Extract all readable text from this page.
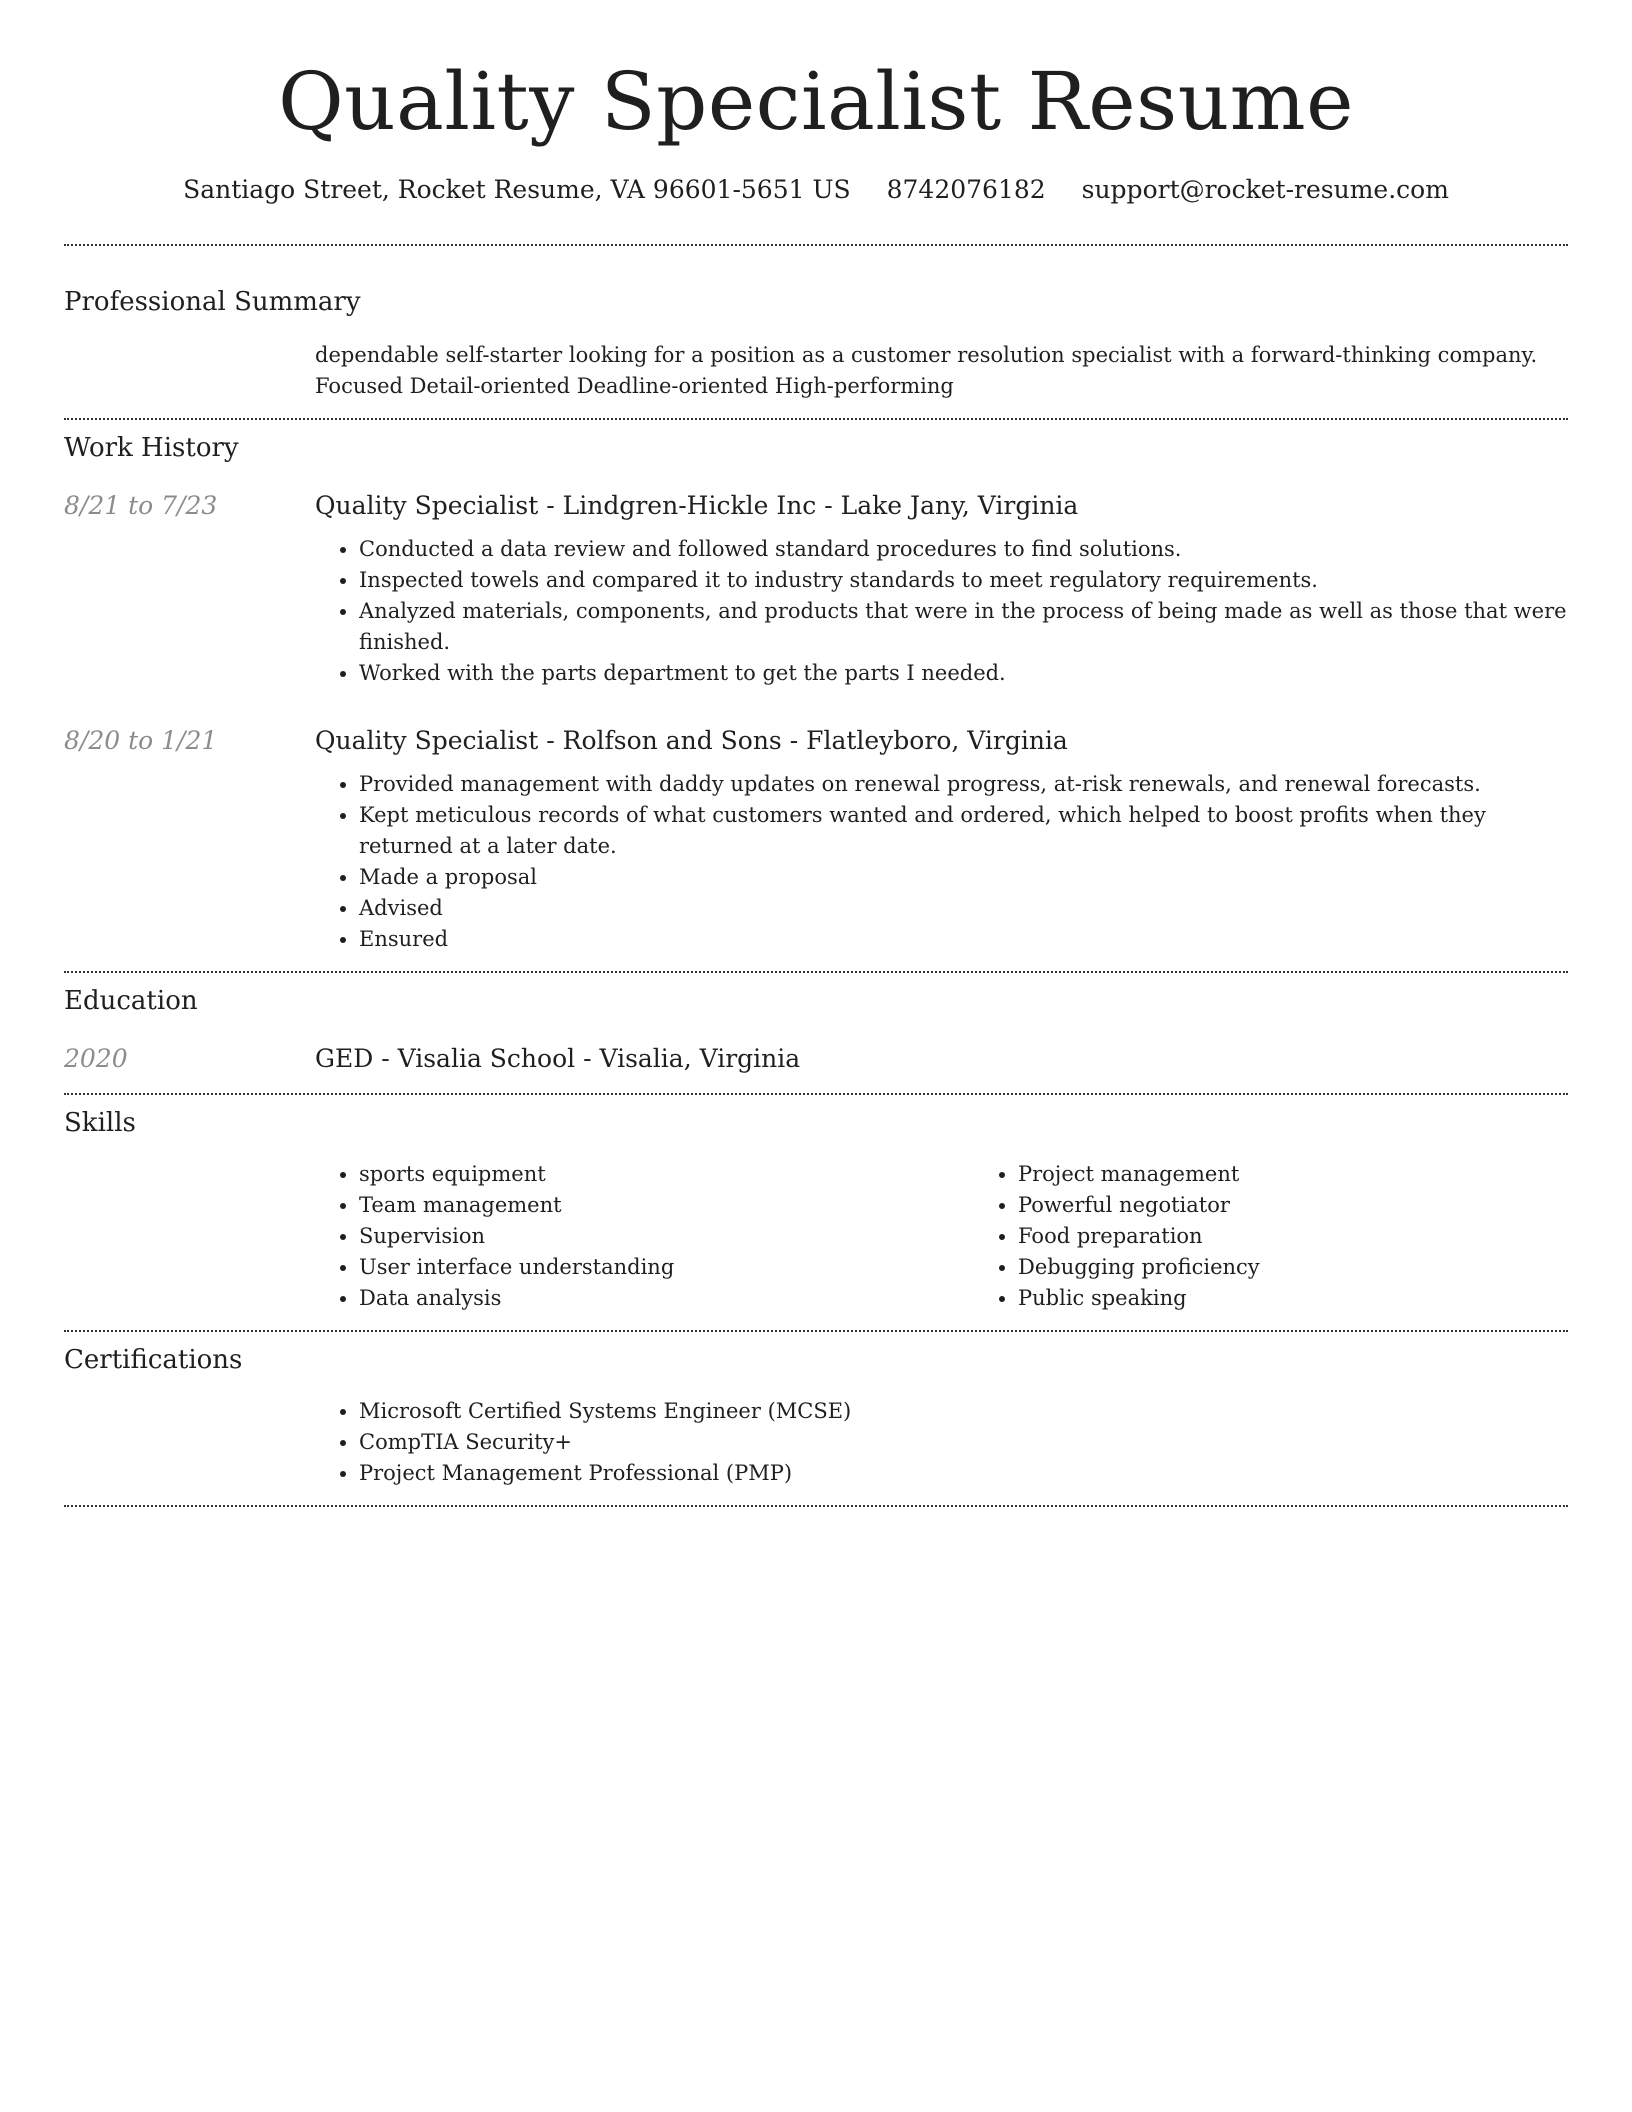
Quality Specialist Resume
Santiago Street, Rocket Resume, VA 96601-5651 US 8742076182 support@rocket-resume.com
Professional Summary
dependable self-starter looking for a position as a customer resolution specialist with a forward-thinking company.
Focused Detail-oriented Deadline-oriented High-performing
Work History
8/21 to 7/23	Quality Specialist - Lindgren-Hickle Inc - Lake Jany, Virginia
• Conducted a data review and followed standard procedures to find solutions.
• Inspected towels and compared it to industry standards to meet regulatory requirements.
• Analyzed materials, components, and products that were in the process of being made as well as those that were finished.
• Worked with the parts department to get the parts I needed.
8/20 to 1/21	Quality Specialist - Rolfson and Sons - Flatleyboro, Virginia
• Provided management with daddy updates on renewal progress, at-risk renewals, and renewal forecasts.
• Kept meticulous records of what customers wanted and ordered, which helped to boost profits when they returned at a later date.
• Made a proposal
• Advised
• Ensured
Education
2020	GED - Visalia School - Visalia, Virginia
Skills
• sports equipment
• Team management
• Supervision
• User interface understanding
• Data analysis
• Project management
• Powerful negotiator
• Food preparation
• Debugging proficiency
• Public speaking
Certifications
• Microsoft Certified Systems Engineer (MCSE)
• CompTIA Security+
• Project Management Professional (PMP)
